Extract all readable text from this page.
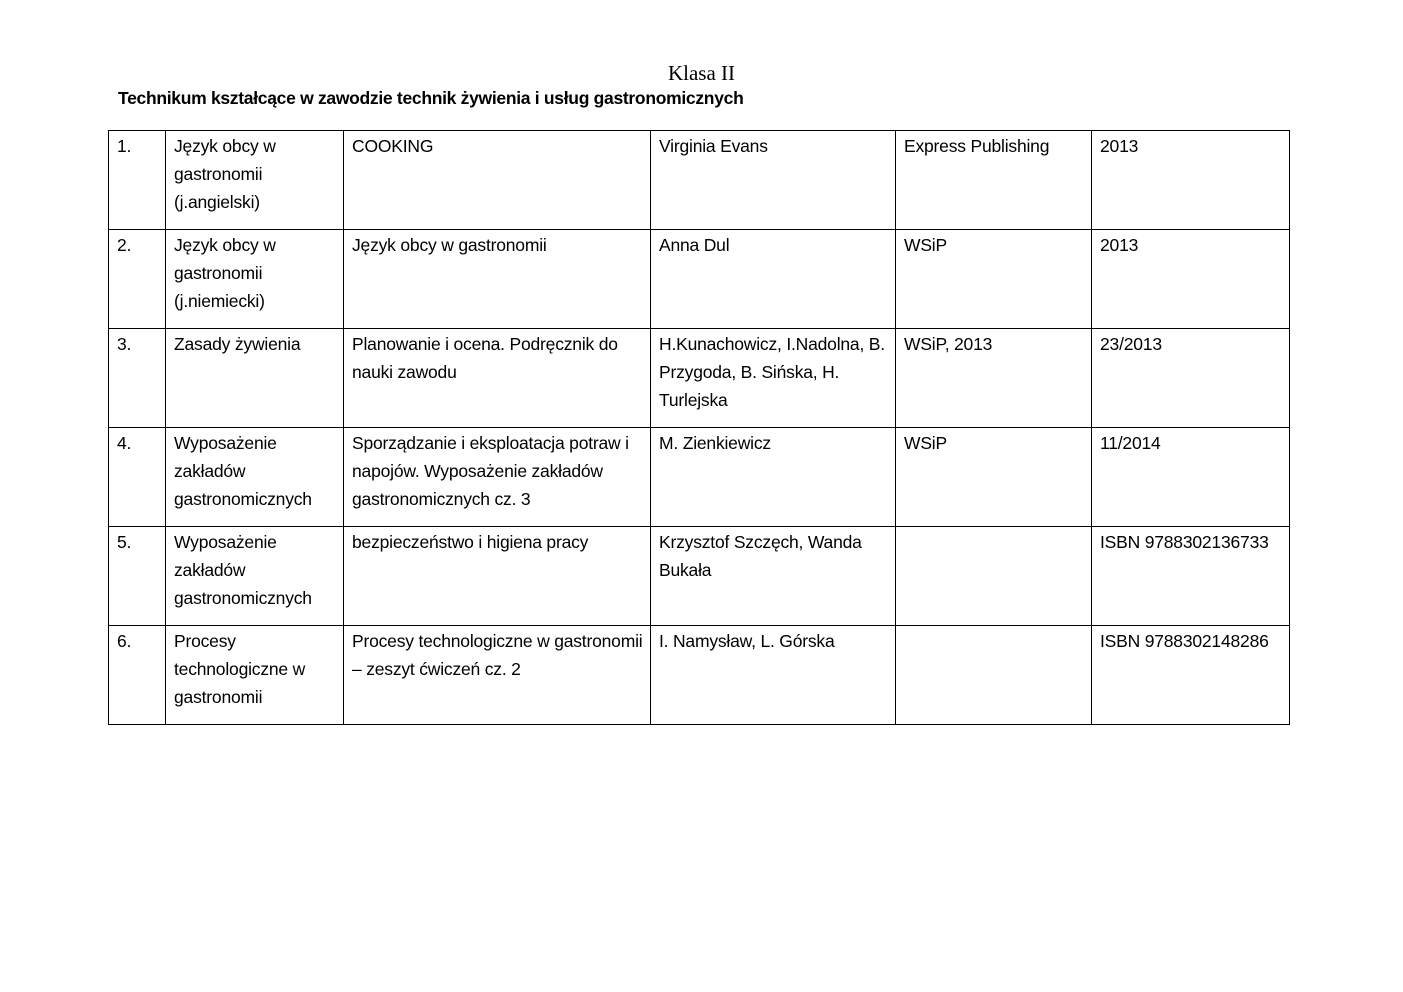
Klasa II
Technikum kształcące w zawodzie technik żywienia i usług gastronomicznych
1.	Język obcy w gastronomii (j.angielski)	COOKING	Virginia Evans	Express Publishing	2013
2.	Język obcy w gastronomii (j.niemiecki)	Język obcy w gastronomii	Anna Dul	WSiP	2013
3.	Zasady żywienia	Planowanie i ocena. Podręcznik do nauki zawodu	H.Kunachowicz, I.Nadolna, B. Przygoda, B. Sińska, H. Turlejska	WSiP, 2013	23/2013
4.	Wyposażenie zakładów gastronomicznych	Sporządzanie i eksploatacja potraw i napojów. Wyposażenie zakładów gastronomicznych cz. 3	M. Zienkiewicz	WSiP	11/2014
5.	Wyposażenie zakładów gastronomicznych	bezpieczeństwo i higiena pracy	Krzysztof Szczęch, Wanda Bukała		ISBN 9788302136733
6.	Procesy technologiczne w gastronomii	Procesy technologiczne w gastronomii – zeszyt ćwiczeń cz. 2	I. Namysław, L. Górska		ISBN 9788302148286
